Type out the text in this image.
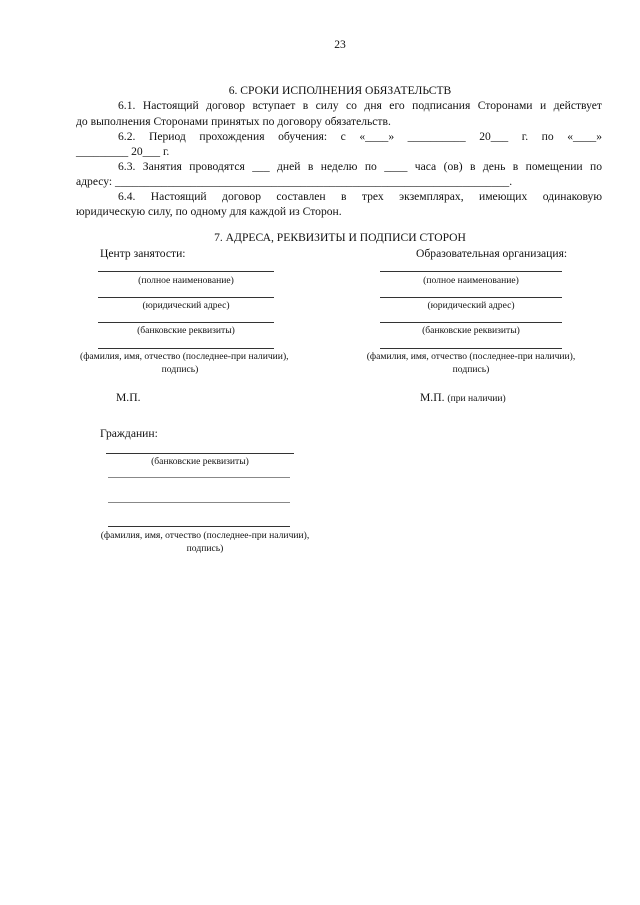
23
6. СРОКИ ИСПОЛНЕНИЯ ОБЯЗАТЕЛЬСТВ
6.1. Настоящий договор вступает в силу со дня его подписания Сторонами и действует
до выполнения Сторонами принятых по договору обязательств.
6.2. Период прохождения обучения: с «____» __________ 20___ г. по «____»
_________ 20___ г.
6.3. Занятия проводятся ___ дней в неделю по ____ часа (ов) в день в помещении по
адресу: ____________________________________________________________________.
6.4. Настоящий договор составлен в трех экземплярах, имеющих одинаковую
юридическую силу, по одному для каждой из Сторон.
7. АДРЕСА, РЕКВИЗИТЫ И ПОДПИСИ СТОРОН
Центр занятости:
(полное наименование)
(юридический адрес)
(банковские реквизиты)
(фамилия, имя, отчество (последнее-при наличии),
подпись)
М.П.
Образовательная организация:
(полное наименование)
(юридический адрес)
(банковские реквизиты)
(фамилия, имя, отчество (последнее-при наличии),
подпись)
М.П. (при наличии)
Гражданин:
(банковские реквизиты)
(фамилия, имя, отчество (последнее-при наличии),
подпись)
